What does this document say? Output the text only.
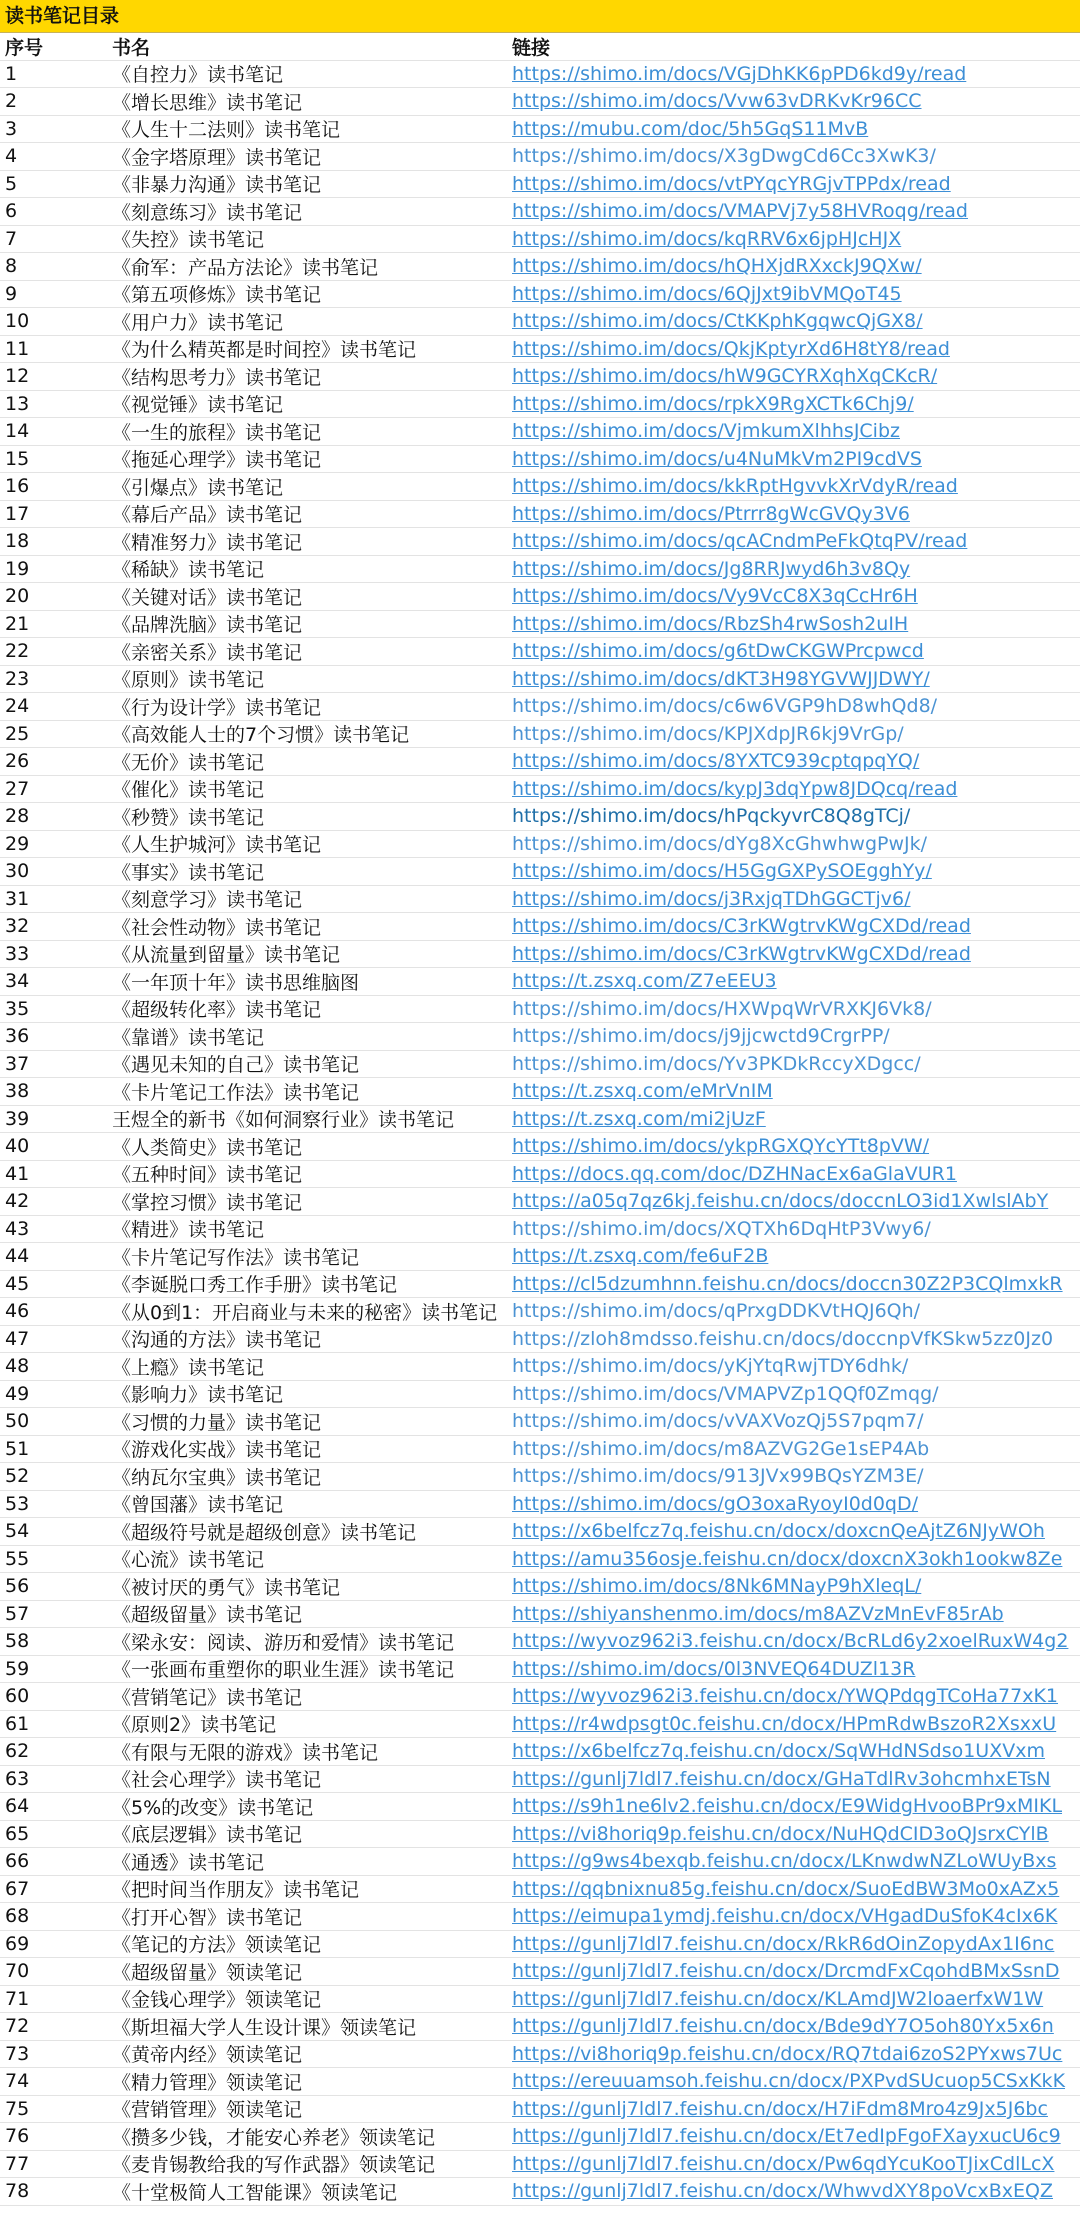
读书笔记目录
序号	书名	链接
1	《自控力》读书笔记	https://shimo.im/docs/VGjDhKK6pPD6kd9y/read
2	《增长思维》读书笔记	https://shimo.im/docs/Vvw63vDRKvKr96CC
3	《人生十二法则》读书笔记	https://mubu.com/doc/5h5GqS11MvB
4	《金字塔原理》读书笔记	https://shimo.im/docs/X3gDwgCd6Cc3XwK3/
5	《非暴力沟通》读书笔记	https://shimo.im/docs/vtPYqcYRGjvTPPdx/read
6	《刻意练习》读书笔记	https://shimo.im/docs/VMAPVj7y58HVRoqg/read
7	《失控》读书笔记	https://shimo.im/docs/kqRRV6x6jpHJcHJX
8	《俞军：产品方法论》读书笔记	https://shimo.im/docs/hQHXjdRXxckJ9QXw/
9	《第五项修炼》读书笔记	https://shimo.im/docs/6QjJxt9ibVMQoT45
10	《用户力》读书笔记	https://shimo.im/docs/CtKKphKgqwcQjGX8/
11	《为什么精英都是时间控》读书笔记	https://shimo.im/docs/QkjKptyrXd6H8tY8/read
12	《结构思考力》读书笔记	https://shimo.im/docs/hW9GCYRXqhXqCKcR/
13	《视觉锤》读书笔记	https://shimo.im/docs/rpkX9RgXCTk6Chj9/
14	《一生的旅程》读书笔记	https://shimo.im/docs/VjmkumXlhhsJCibz
15	《拖延心理学》读书笔记	https://shimo.im/docs/u4NuMkVm2PI9cdVS
16	《引爆点》读书笔记	https://shimo.im/docs/kkRptHgvvkXrVdyR/read
17	《幕后产品》读书笔记	https://shimo.im/docs/Ptrrr8gWcGVQy3V6
18	《精准努力》读书笔记	https://shimo.im/docs/qcACndmPeFkQtqPV/read
19	《稀缺》读书笔记	https://shimo.im/docs/Jg8RRJwyd6h3v8Qy
20	《关键对话》读书笔记	https://shimo.im/docs/Vy9VcC8X3qCcHr6H
21	《品牌洗脑》读书笔记	https://shimo.im/docs/RbzSh4rwSosh2uIH
22	《亲密关系》读书笔记	https://shimo.im/docs/g6tDwCKGWPrcpwcd
23	《原则》读书笔记	https://shimo.im/docs/dKT3H98YGVWJJDWY/
24	《行为设计学》读书笔记	https://shimo.im/docs/c6w6VGP9hD8whQd8/
25	《高效能人士的7个习惯》读书笔记	https://shimo.im/docs/KPJXdpJR6kj9VrGp/
26	《无价》读书笔记	https://shimo.im/docs/8YXTC939cptqpqYQ/
27	《催化》读书笔记	https://shimo.im/docs/kypJ3dqYpw8JDQcq/read
28	《秒赞》读书笔记	https://shimo.im/docs/hPqckyvrC8Q8gTCj/
29	《人生护城河》读书笔记	https://shimo.im/docs/dYg8XcGhwhwgPwJk/
30	《事实》读书笔记	https://shimo.im/docs/H5GgGXPySOEgghYy/
31	《刻意学习》读书笔记	https://shimo.im/docs/j3RxjqTDhGGCTjv6/
32	《社会性动物》读书笔记	https://shimo.im/docs/C3rKWgtrvKWgCXDd/read
33	《从流量到留量》读书笔记	https://shimo.im/docs/C3rKWgtrvKWgCXDd/read
34	《一年顶十年》读书思维脑图	https://t.zsxq.com/Z7eEEU3
35	《超级转化率》读书笔记	https://shimo.im/docs/HXWpqWrVRXKJ6Vk8/
36	《靠谱》读书笔记	https://shimo.im/docs/j9jjcwctd9CrgrPP/
37	《遇见未知的自己》读书笔记	https://shimo.im/docs/Yv3PKDkRccyXDgcc/
38	《卡片笔记工作法》读书笔记	https://t.zsxq.com/eMrVnIM
39	王煜全的新书《如何洞察行业》读书笔记	https://t.zsxq.com/mi2jUzF
40	《人类简史》读书笔记	https://shimo.im/docs/ykpRGXQYcYTt8pVW/
41	《五种时间》读书笔记	https://docs.qq.com/doc/DZHNacEx6aGlaVUR1
42	《掌控习惯》读书笔记	https://a05q7qz6kj.feishu.cn/docs/doccnLO3id1XwlslAbY
43	《精进》读书笔记	https://shimo.im/docs/XQTXh6DqHtP3Vwy6/
44	《卡片笔记写作法》读书笔记	https://t.zsxq.com/fe6uF2B
45	《李诞脱口秀工作手册》读书笔记	https://cl5dzumhnn.feishu.cn/docs/doccn30Z2P3CQlmxkR
46	《从0到1：开启商业与未来的秘密》读书笔记 https://shimo.im/docs/qPrxgDDKVtHQJ6Qh/
47	《沟通的方法》读书笔记	https://zloh8mdsso.feishu.cn/docs/doccnpVfKSkw5zz0Jz0
48	《上瘾》读书笔记	https://shimo.im/docs/yKjYtqRwjTDY6dhk/
49	《影响力》读书笔记	https://shimo.im/docs/VMAPVZp1QQf0Zmqg/
50	《习惯的力量》读书笔记	https://shimo.im/docs/vVAXVozQj5S7pqm7/
51	《游戏化实战》读书笔记	https://shimo.im/docs/m8AZVG2Ge1sEP4Ab
52	《纳瓦尔宝典》读书笔记	https://shimo.im/docs/913JVx99BQsYZM3E/
53	《曾国藩》读书笔记	https://shimo.im/docs/gO3oxaRyoyI0d0qD/
54	《超级符号就是超级创意》读书笔记	https://x6belfcz7q.feishu.cn/docx/doxcnQeAjtZ6NJyWOh
55	《心流》读书笔记	https://amu356osje.feishu.cn/docx/doxcnX3okh1ookw8Ze
56	《被讨厌的勇气》读书笔记	https://shimo.im/docs/8Nk6MNayP9hXleqL/
57	《超级留量》读书笔记	https://shiyanshenmo.im/docs/m8AZVzMnEvF85rAb
58	《梁永安：阅读、游历和爱情》读书笔记	https://wyvoz962i3.feishu.cn/docx/BcRLd6y2xoelRuxW4g2
59	《一张画布重塑你的职业生涯》读书笔记	https://shimo.im/docs/0l3NVEQ64DUZl13R
60	《营销笔记》读书笔记	https://wyvoz962i3.feishu.cn/docx/YWQPdqgTCoHa77xK1
61	《原则2》读书笔记	https://r4wdpsgt0c.feishu.cn/docx/HPmRdwBszoR2XsxxU
62	《有限与无限的游戏》读书笔记	https://x6belfcz7q.feishu.cn/docx/SqWHdNSdso1UXVxm
63	《社会心理学》读书笔记	https://gunlj7ldl7.feishu.cn/docx/GHaTdlRv3ohcmhxETsN
64	《5%的改变》读书笔记	https://s9h1ne6lv2.feishu.cn/docx/E9WidgHvooBPr9xMIKL
65	《底层逻辑》读书笔记	https://vi8horiq9p.feishu.cn/docx/NuHQdCID3oQJsrxCYlB
66	《通透》读书笔记	https://g9ws4bexqb.feishu.cn/docx/LKnwdwNZLoWUyBxs
67	《把时间当作朋友》读书笔记	https://qqbnixnu85g.feishu.cn/docx/SuoEdBW3Mo0xAZx5
68	《打开心智》读书笔记	https://eimupa1ymdj.feishu.cn/docx/VHgadDuSfoK4cIx6K
69	《笔记的方法》领读笔记	https://gunlj7ldl7.feishu.cn/docx/RkR6dOinZopydAx1I6nc
70	《超级留量》领读笔记	https://gunlj7ldl7.feishu.cn/docx/DrcmdFxCqohdBMxSsnD
71	《金钱心理学》领读笔记	https://gunlj7ldl7.feishu.cn/docx/KLAmdJW2loaerfxW1W
72	《斯坦福大学人生设计课》领读笔记	https://gunlj7ldl7.feishu.cn/docx/Bde9dY7O5oh80Yx5x6n
73	《黄帝内经》领读笔记	https://vi8horiq9p.feishu.cn/docx/RQ7tdai6zoS2PYxws7Uc
74	《精力管理》领读笔记	https://ereuuamsoh.feishu.cn/docx/PXPvdSUcuop5CSxKkK
75	《营销管理》领读笔记	https://gunlj7ldl7.feishu.cn/docx/H7iFdm8Mro4z9Jx5J6bc
76	《攒多少钱，才能安心养老》领读笔记	https://gunlj7ldl7.feishu.cn/docx/Et7edIpFgoFXayxucU6c9
77	《麦肯锡教给我的写作武器》领读笔记	https://gunlj7ldl7.feishu.cn/docx/Pw6qdYcuKooTJixCdlLcX
78	《十堂极简人工智能课》领读笔记	https://gunlj7ldl7.feishu.cn/docx/WhwvdXY8poVcxBxEQZ
